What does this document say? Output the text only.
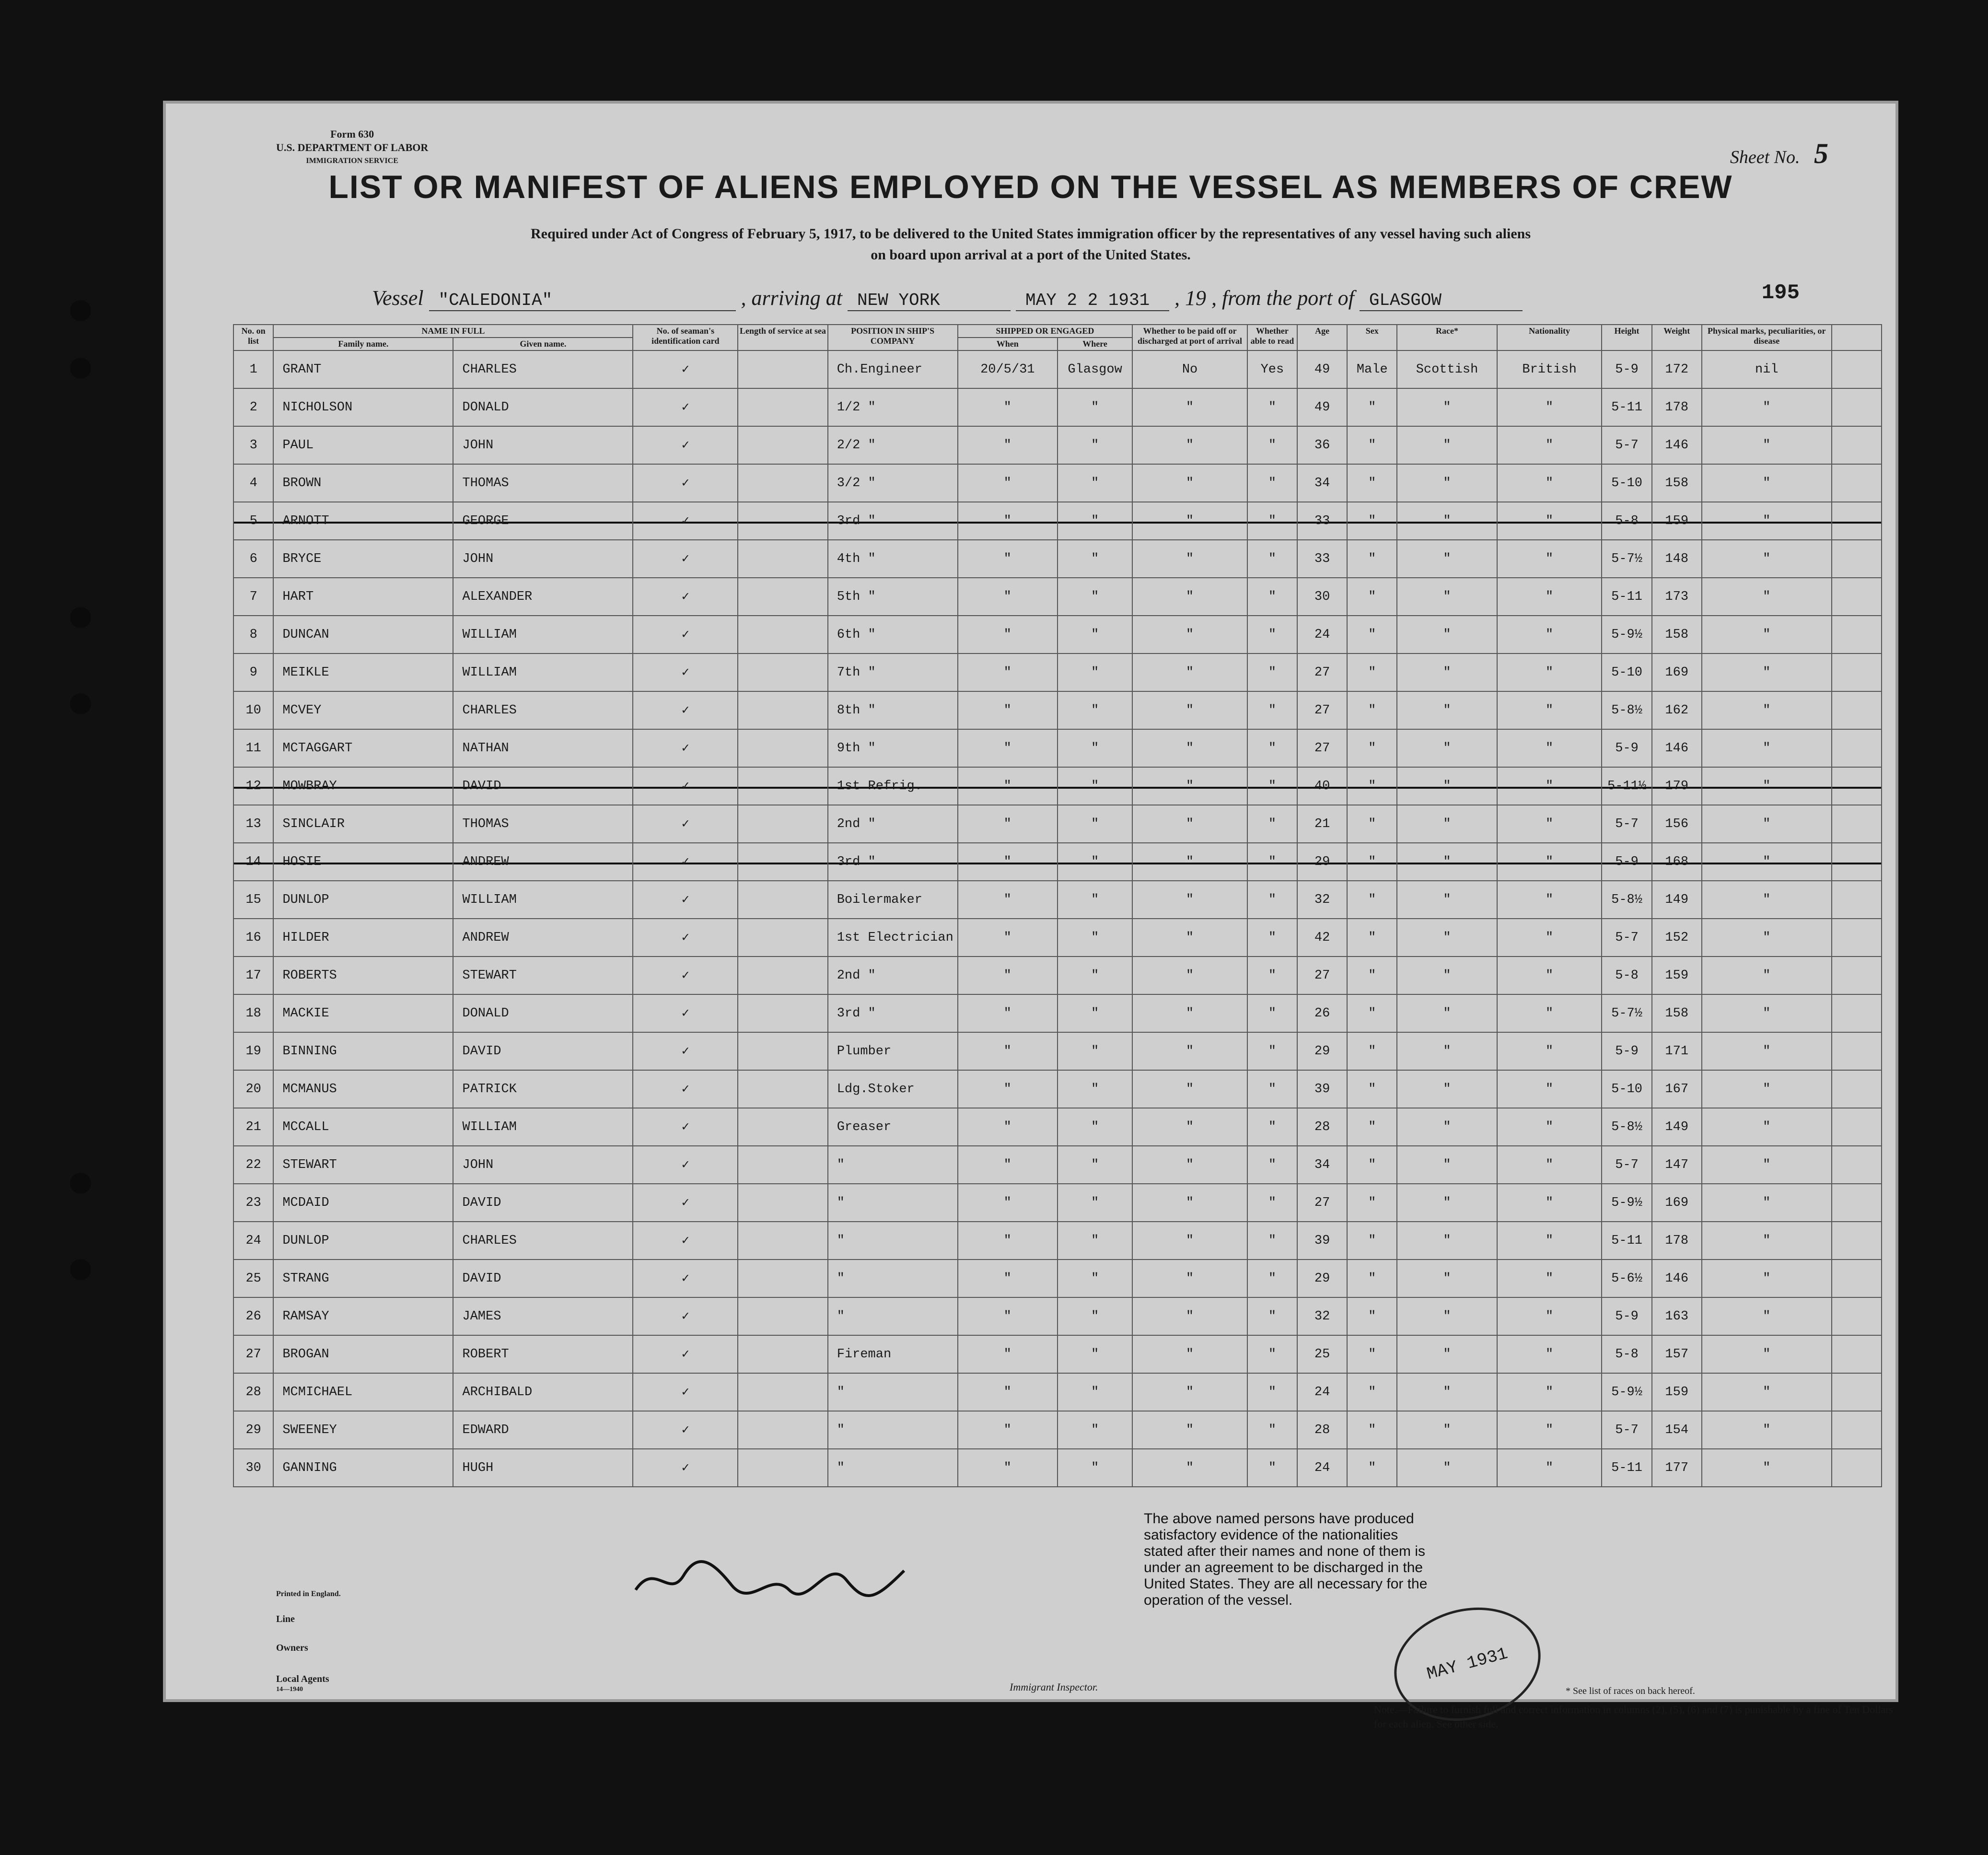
Form 630
U.S. DEPARTMENT OF LABOR
IMMIGRATION SERVICE	Sheet No. 5
LIST OR MANIFEST OF ALIENS EMPLOYED ON THE VESSEL AS MEMBERS OF CREW
Required under Act of Congress of February 5, 1917, to be delivered to the United States immigration officer by the representatives of any vessel having such aliens
on board upon arrival at a port of the United States.
Vessel "CALEDONIA"	, arriving at NEW YORK	MAY 2 2 1931 , 19 , from the port of GLASGOW	195
No. on list	NAME IN FULL		No. of seaman's identification card	Length of service at sea	POSITION IN SHIP'S COMPANY	SHIPPED OR ENGAGED		Whether to be paid off or discharged at port of arrival	Whether able to read	Age	Sex	Race*	Nationality	Height	Weight	Physical marks, peculiarities, or disease	
	Family name.	Given name.				When	Where										
1	GRANT	CHARLES	✓		Ch.Engineer	20/5/31	Glasgow	No	Yes	49	Male	Scottish	British	5-9	172	nil	
2	NICHOLSON	DONALD	✓		1/2 "	"	"	"	"	49	"	"	"	5-11	178	"	
3	PAUL	JOHN	✓		2/2 "	"	"	"	"	36	"	"	"	5-7	146	"	
4	BROWN	THOMAS	✓		3/2 "	"	"	"	"	34	"	"	"	5-10	158	"	
5	ARNOTT	GEORGE	✓		3rd "	"	"	"	"	33	"	"	"	5-8	159	"	
6	BRYCE	JOHN	✓		4th "	"	"	"	"	33	"	"	"	5-7½	148	"	
7	HART	ALEXANDER	✓		5th "	"	"	"	"	30	"	"	"	5-11	173	"	
8	DUNCAN	WILLIAM	✓		6th "	"	"	"	"	24	"	"	"	5-9½	158	"	
9	MEIKLE	WILLIAM	✓		7th "	"	"	"	"	27	"	"	"	5-10	169	"	
10	MCVEY	CHARLES	✓		8th "	"	"	"	"	27	"	"	"	5-8½	162	"	
11	MCTAGGART	NATHAN	✓		9th "	"	"	"	"	27	"	"	"	5-9	146	"	
12	MOWBRAY	DAVID	✓		1st Refrig.	"	"	"	"	40	"	"	"	5-11½	179	"	
13	SINCLAIR	THOMAS	✓		2nd "	"	"	"	"	21	"	"	"	5-7	156	"	
14	HOSIE	ANDREW	✓		3rd "	"	"	"	"	29	"	"	"	5-9	168	"	
15	DUNLOP	WILLIAM	✓		Boilermaker	"	"	"	"	32	"	"	"	5-8½	149	"	
16	HILDER	ANDREW	✓		1st Electrician	"	"	"	"	42	"	"	"	5-7	152	"	
17	ROBERTS	STEWART	✓		2nd "	"	"	"	"	27	"	"	"	5-8	159	"	
18	MACKIE	DONALD	✓		3rd "	"	"	"	"	26	"	"	"	5-7½	158	"	
19	BINNING	DAVID	✓		Plumber	"	"	"	"	29	"	"	"	5-9	171	"	
20	MCMANUS	PATRICK	✓		Ldg.Stoker	"	"	"	"	39	"	"	"	5-10	167	"	
21	MCCALL	WILLIAM	✓		Greaser	"	"	"	"	28	"	"	"	5-8½	149	"	
22	STEWART	JOHN	✓		"	"	"	"	"	34	"	"	"	5-7	147	"	
23	MCDAID	DAVID	✓		"	"	"	"	"	27	"	"	"	5-9½	169	"	
24	DUNLOP	CHARLES	✓		"	"	"	"	"	39	"	"	"	5-11	178	"	
25	STRANG	DAVID	✓		"	"	"	"	"	29	"	"	"	5-6½	146	"	
26	RAMSAY	JAMES	✓		"	"	"	"	"	32	"	"	"	5-9	163	"	
27	BROGAN	ROBERT	✓		Fireman	"	"	"	"	25	"	"	"	5-8	157	"	
28	MCMICHAEL	ARCHIBALD	✓		"	"	"	"	"	24	"	"	"	5-9½	159	"	
29	SWEENEY	EDWARD	✓		"	"	"	"	"	28	"	"	"	5-7	154	"	
30	GANNING	HUGH	✓		"	"	"	"	"	24	"	"	"	5-11	177	"	
The above named persons have produced satisfactory evidence of the nationalities stated after their names and none of them is under an agreement to be discharged in the United States. They are all necessary for the operation of the vessel.
MAY 1931
Printed in England.
Line
Owners
Local Agents
14—1940	Immigrant Inspector.	* See list of races on back hereof.
Note.—Failure to furnish full and correct information in columns (2), (5), (6) and (7) is punishable by a fine of Ten Dollars for each alien. See other side.
